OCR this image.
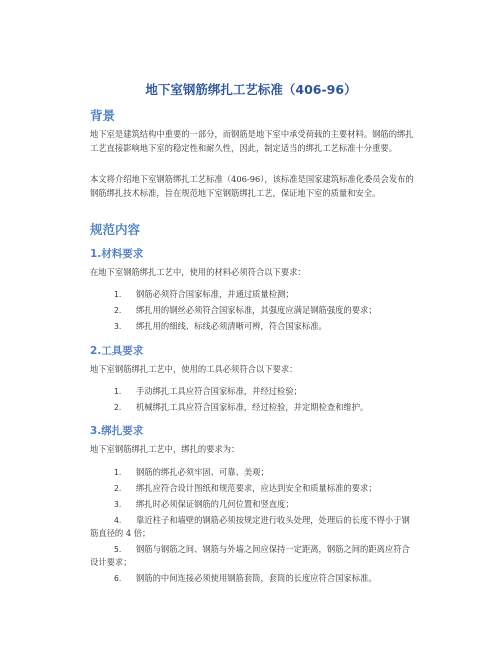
地下室钢筋绑扎工艺标准（406-96）
背景
地下室是建筑结构中重要的一部分，而钢筋是地下室中承受荷载的主要材料。钢筋的绑扎工艺直接影响地下室的稳定性和耐久性，因此，制定适当的绑扎工艺标准十分重要。
本文将介绍地下室钢筋绑扎工艺标准（406-96），该标准是国家建筑标准化委员会发布的钢筋绑扎技术标准，旨在规范地下室钢筋绑扎工艺，保证地下室的质量和安全。
规范内容
1.材料要求
在地下室钢筋绑扎工艺中，使用的材料必须符合以下要求：
1. 钢筋必须符合国家标准，并通过质量检测；
2. 绑扎用的钢丝必须符合国家标准，其强度应满足钢筋强度的要求；
3. 绑扎用的细线、标线必须清晰可辨，符合国家标准。
2.工具要求
地下室钢筋绑扎工艺中，使用的工具必须符合以下要求：
1. 手动绑扎工具应符合国家标准，并经过检验；
2. 机械绑扎工具应符合国家标准，经过检验，并定期检查和维护。
3.绑扎要求
地下室钢筋绑扎工艺中，绑扎的要求为：
1. 钢筋的绑扎必须牢固、可靠、美观；
2. 绑扎应符合设计图纸和规范要求，应达到安全和质量标准的要求；
3. 绑扎时必须保证钢筋的几何位置和竖直度；
4. 靠近柱子和墙壁的钢筋必须按规定进行收头处理，处理后的长度不得小于钢筋直径的 4 倍；
5. 钢筋与钢筋之间、钢筋与外墙之间应保持一定距离，钢筋之间的距离应符合设计要求；
6. 钢筋的中间连接必须使用钢筋套筒，套筒的长度应符合国家标准。
